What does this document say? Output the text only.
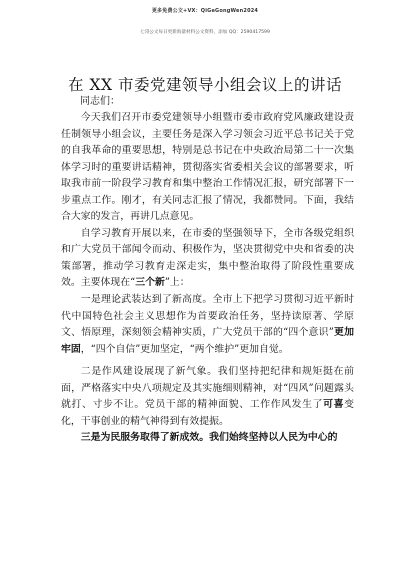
更多免费公文+VX：QiGeGongWen2024
七哥公文每日更新海量材料公文资料，添加 QQ：2590417599
在 XX 市委党建领导小组会议上的讲话
同志们：

今天我们召开市委党建领导小组暨市委市政府党风廉政建设责任制领导小组会议，主要任务是深入学习领会习近平总书记关于党的自我革命的重要思想，特别是总书记在中央政治局第二十一次集体学习时的重要讲话精神，贯彻落实省委相关会议的部署要求，听取我市前一阶段学习教育和集中整治工作情况汇报，研究部署下一步重点工作。刚才，有关同志汇报了情况，我都赞同。下面，我结合大家的发言，再讲几点意见。

自学习教育开展以来，在市委的坚强领导下，全市各级党组织和广大党员干部闻令而动、积极作为，坚决贯彻党中央和省委的决策部署，推动学习教育走深走实，集中整治取得了阶段性重要成效。主要体现在“三个新”上：

一是理论武装达到了新高度。全市上下把学习贯彻习近平新时代中国特色社会主义思想作为首要政治任务，坚持读原著、学原文、悟原理，深刻领会精神实质，广大党员干部的“四个意识”更加牢固，“四个自信”更加坚定，“两个维护”更加自觉。

二是作风建设展现了新气象。我们坚持把纪律和规矩挺在前面，严格落实中央八项规定及其实施细则精神，对“四风”问题露头就打、寸步不让。党员干部的精神面貌、工作作风发生了可喜变化，干事创业的精气神得到有效提振。

三是为民服务取得了新成效。我们始终坚持以人民为中心的
